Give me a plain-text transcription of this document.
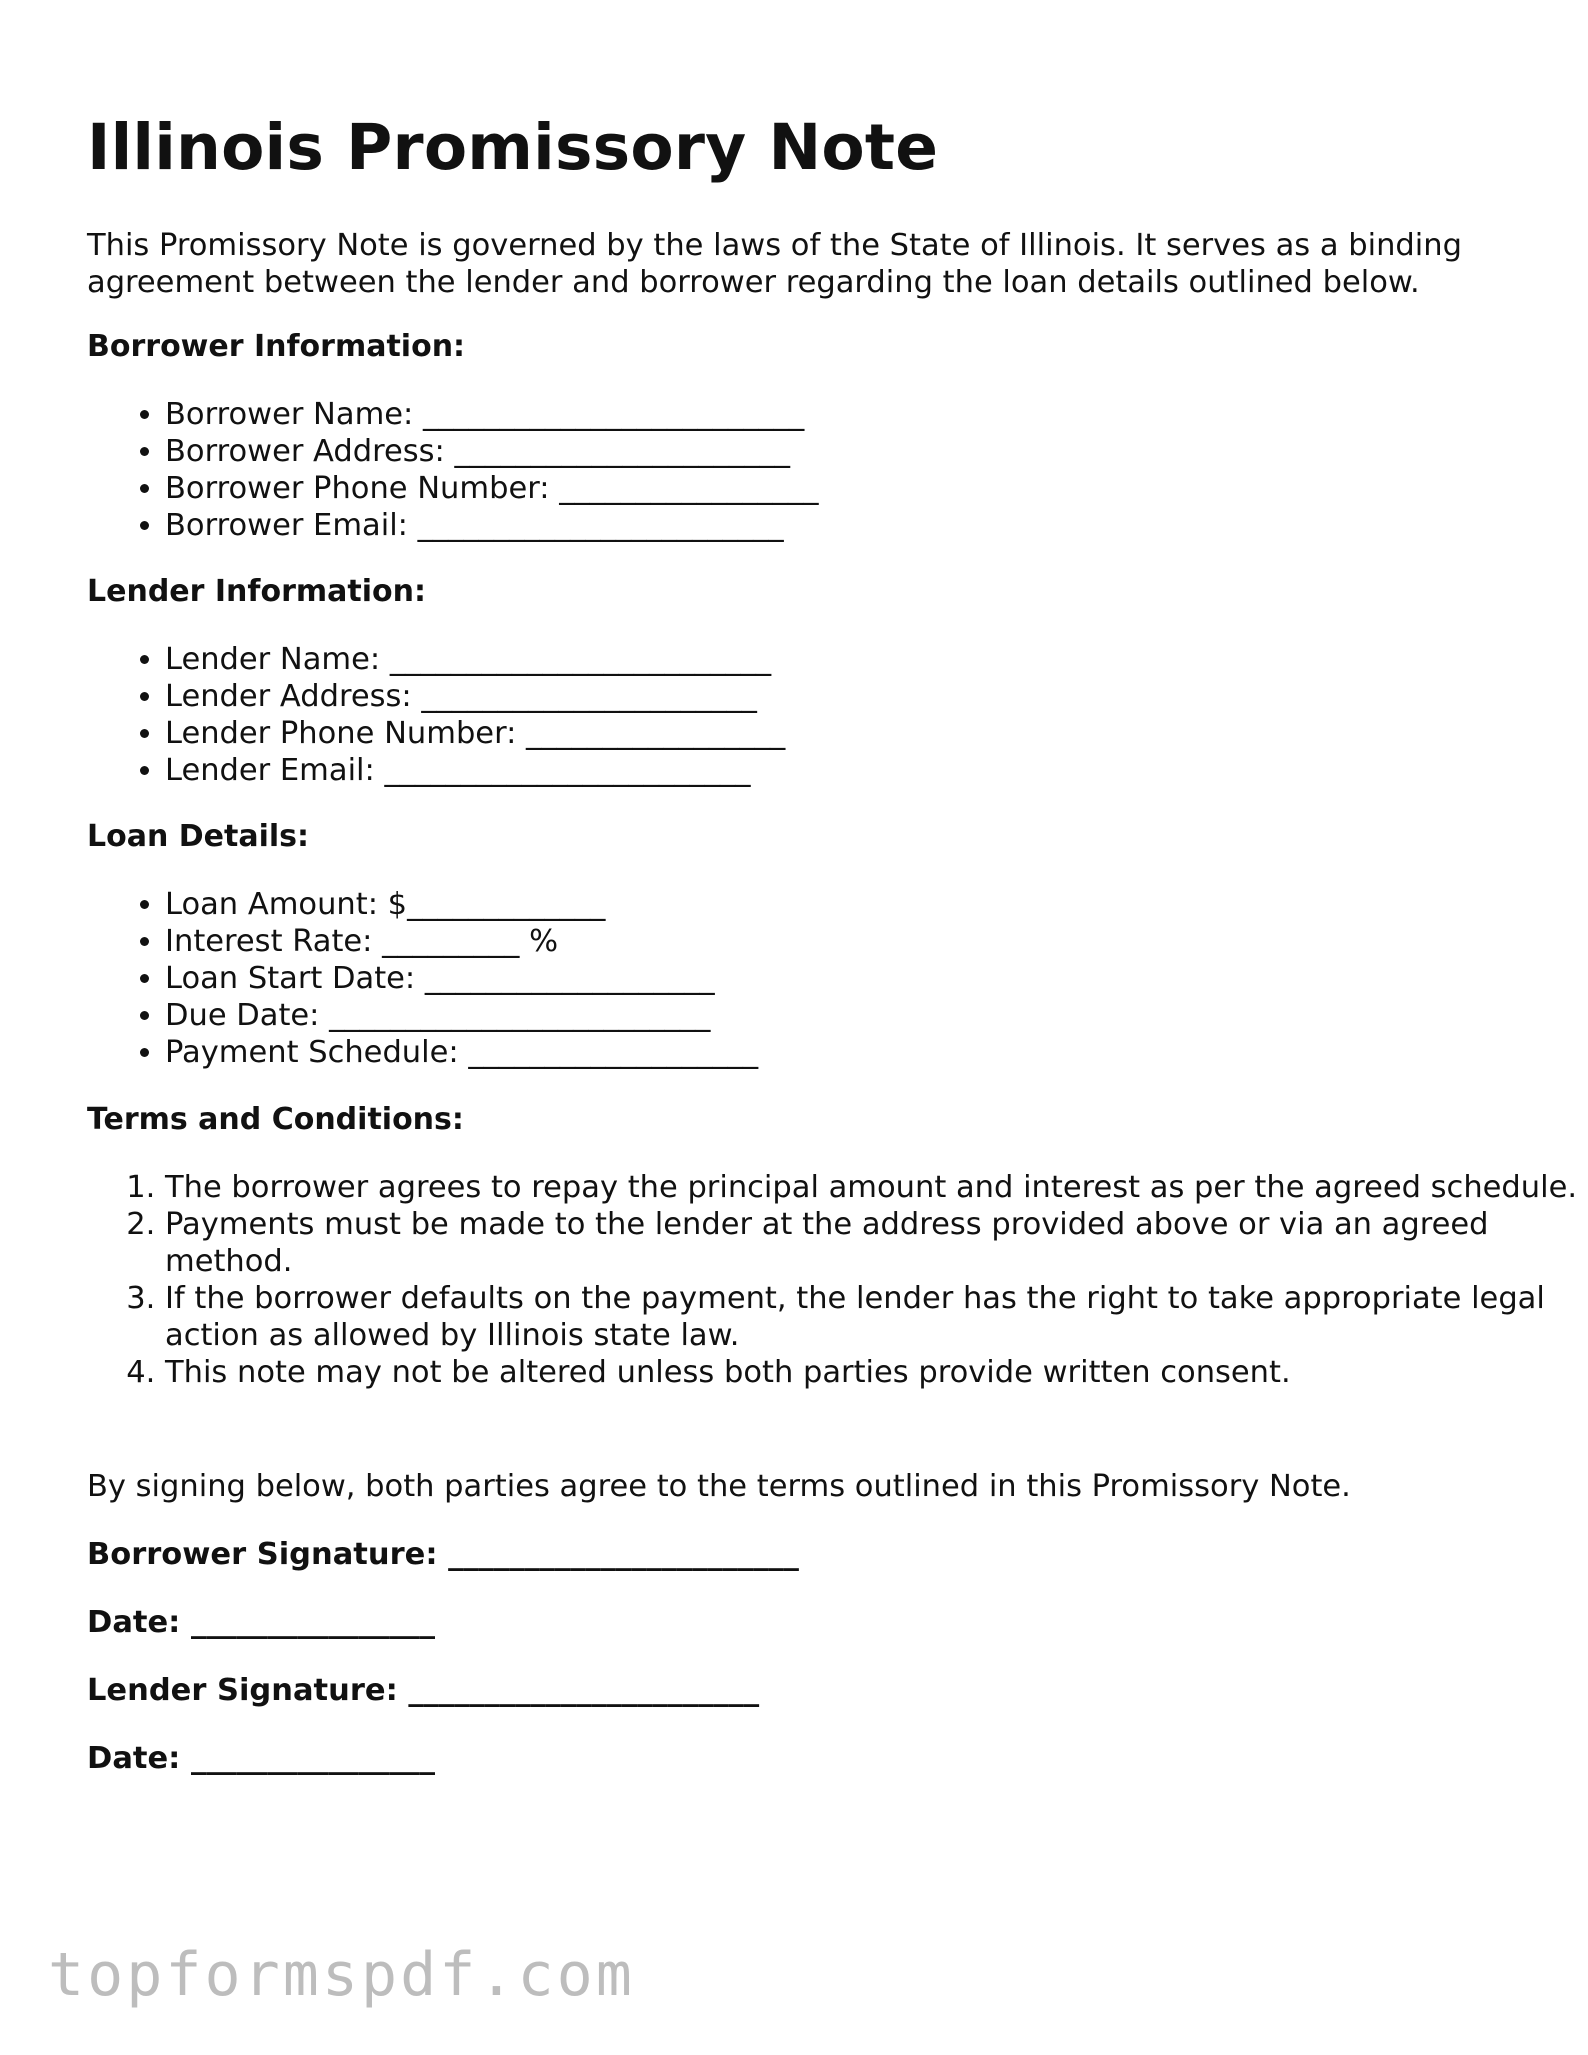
Illinois Promissory Note

This Promissory Note is governed by the laws of the State of Illinois. It serves as a binding agreement between the lender and borrower regarding the loan details outlined below.

Borrower Information:

• Borrower Name: _________________________
• Borrower Address: ______________________
• Borrower Phone Number: _________________
• Borrower Email: ________________________

Lender Information:

• Lender Name: _________________________
• Lender Address: ______________________
• Lender Phone Number: _________________
• Lender Email: ________________________

Loan Details:

• Loan Amount: $_____________
• Interest Rate: _________ %
• Loan Start Date: ___________________
• Due Date: _________________________
• Payment Schedule: ___________________

Terms and Conditions:

1. The borrower agrees to repay the principal amount and interest as per the agreed schedule.
2. Payments must be made to the lender at the address provided above or via an agreed method.
3. If the borrower defaults on the payment, the lender has the right to take appropriate legal action as allowed by Illinois state law.
4. This note may not be altered unless both parties provide written consent.

By signing below, both parties agree to the terms outlined in this Promissory Note.

Borrower Signature: _______________________

Date: ________________

Lender Signature: _______________________

Date: ________________

topformspdf.com
